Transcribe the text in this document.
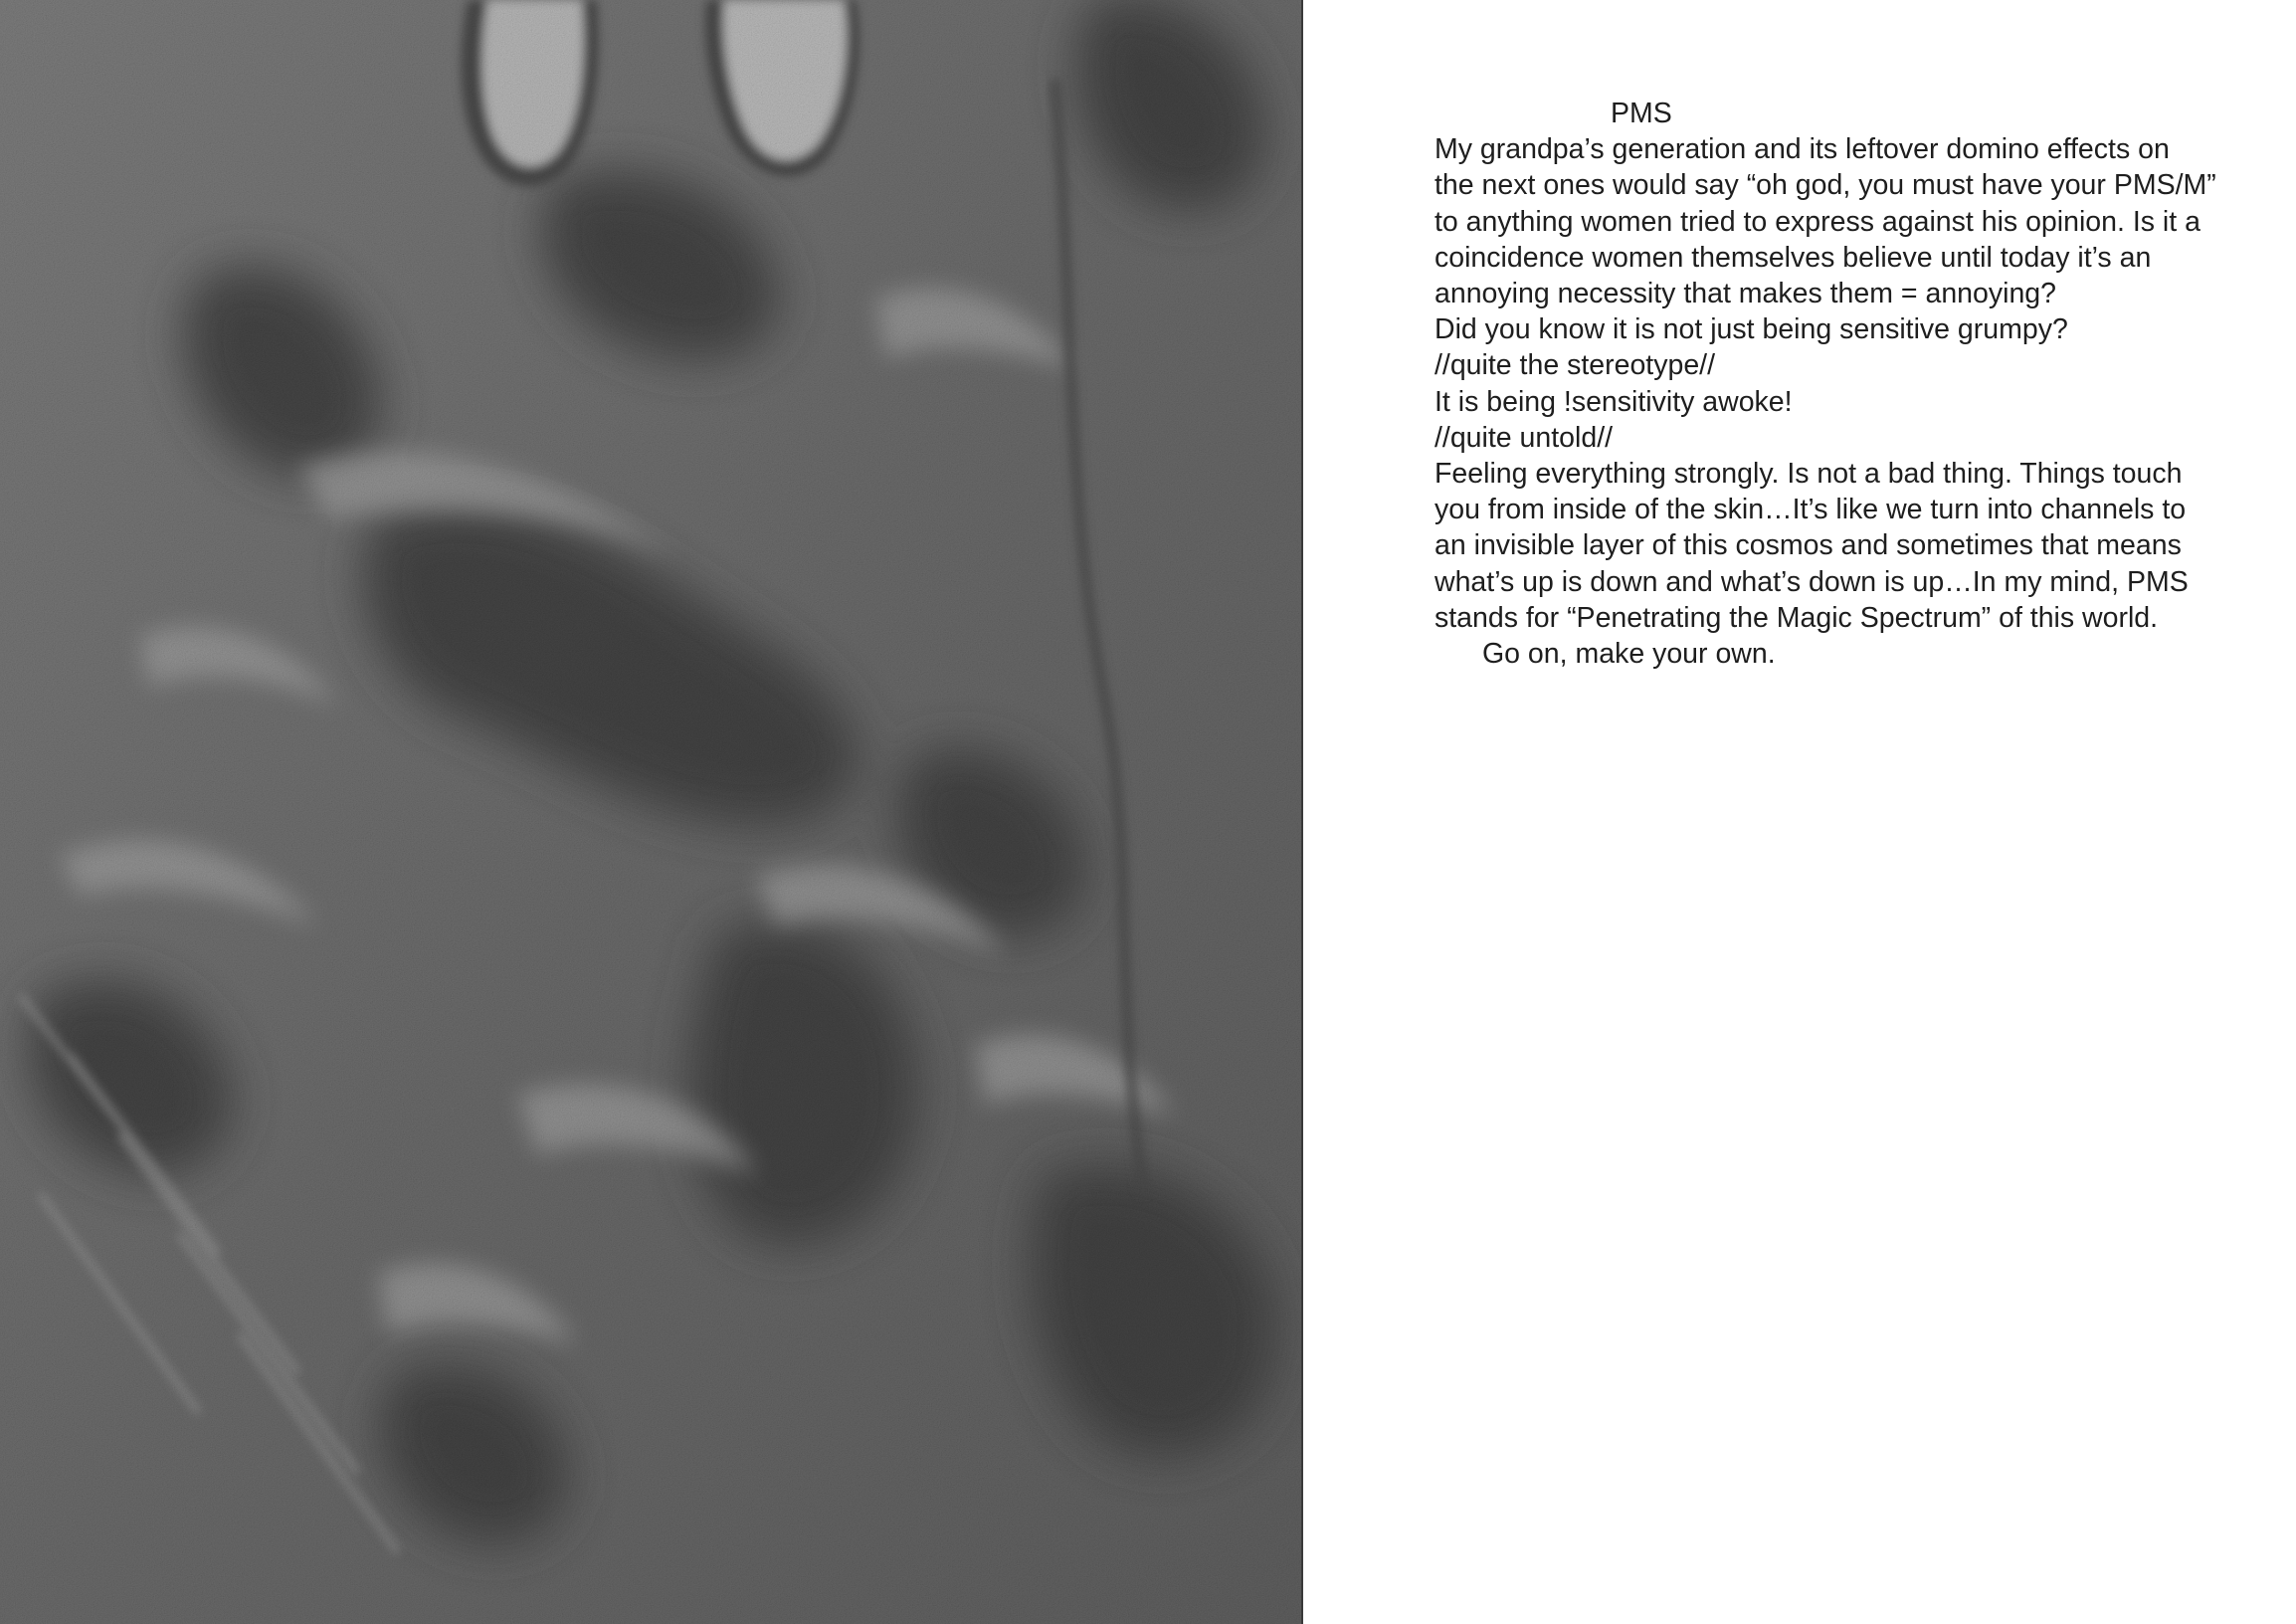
PMS

My grandpa’s generation and its leftover domino effects on

the next ones would say “oh god, you must have your PMS/M”

to anything women tried to express against his opinion. Is it a

coincidence women themselves believe until today it’s an

annoying necessity that makes them = annoying?

Did you know it is not just being sensitive grumpy?

//quite the stereotype//

It is being !sensitivity awoke!

//quite untold//

Feeling everything strongly. Is not a bad thing. Things touch

you from inside of the skin…It’s like we turn into channels to

an invisible layer of this cosmos and sometimes that means

what’s up is down and what’s down is up…In my mind, PMS

stands for “Penetrating the Magic Spectrum” of this world.

Go on, make your own.
